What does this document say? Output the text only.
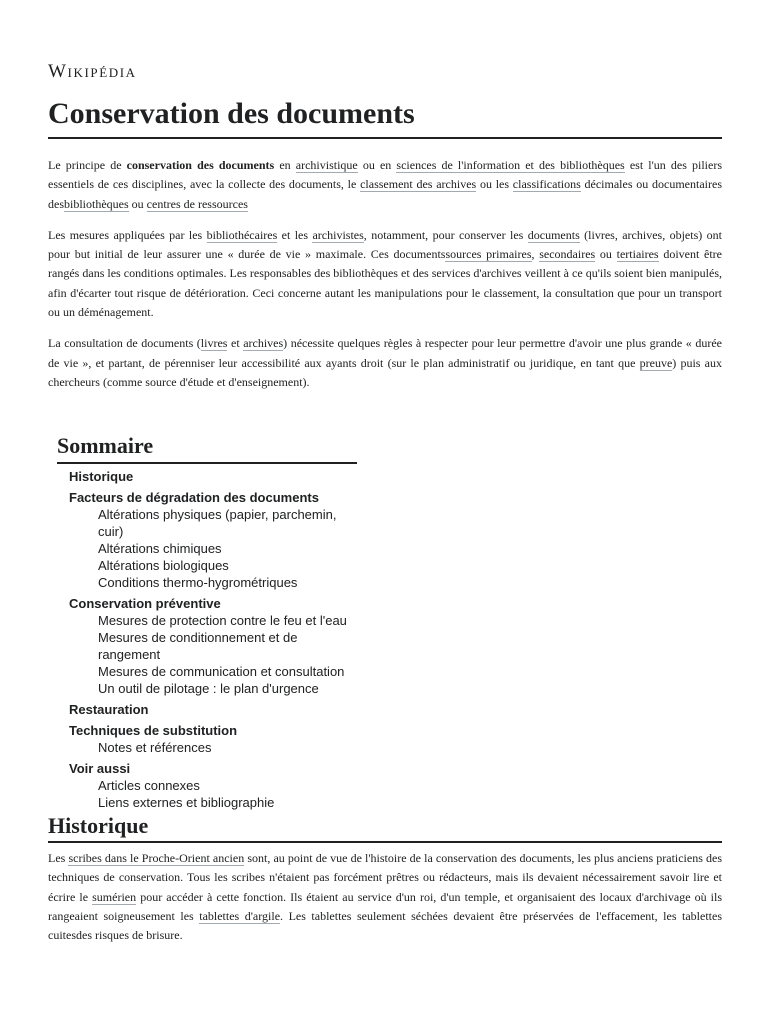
Wikipédia
Conservation des documents

Le principe de conservation des documents en archivistique ou en sciences de l'information et des bibliothèques est l'un des piliers essentiels de ces disciplines, avec la collecte des documents, le classement des archives ou les classifications décimales ou documentaires desbibliothèques ou centres de ressources

Les mesures appliquées par les bibliothécaires et les archivistes, notamment, pour conserver les documents (livres, archives, objets) ont pour but initial de leur assurer une « durée de vie » maximale. Ces documentssources primaires, secondaires ou tertiaires doivent être rangés dans les conditions optimales. Les responsables des bibliothèques et des services d'archives veillent à ce qu'ils soient bien manipulés, afin d'écarter tout risque de détérioration. Ceci concerne autant les manipulations pour le classement, la consultation que pour un transport ou un déménagement.

La consultation de documents (livres et archives) nécessite quelques règles à respecter pour leur permettre d'avoir une plus grande « durée de vie », et partant, de pérenniser leur accessibilité aux ayants droit (sur le plan administratif ou juridique, en tant que preuve) puis aux chercheurs (comme source d'étude et d'enseignement).

Sommaire
Historique
Facteurs de dégradation des documents
Altérations physiques (papier, parchemin, cuir)
Altérations chimiques
Altérations biologiques
Conditions thermo-hygrométriques
Conservation préventive
Mesures de protection contre le feu et l'eau
Mesures de conditionnement et de rangement
Mesures de communication et consultation
Un outil de pilotage : le plan d'urgence
Restauration
Techniques de substitution
Notes et références
Voir aussi
Articles connexes
Liens externes et bibliographie
Historique

Les scribes dans le Proche-Orient ancien sont, au point de vue de l'histoire de la conservation des documents, les plus anciens praticiens des techniques de conservation. Tous les scribes n'étaient pas forcément prêtres ou rédacteurs, mais ils devaient nécessairement savoir lire et écrire le sumérien pour accéder à cette fonction. Ils étaient au service d'un roi, d'un temple, et organisaient des locaux d'archivage où ils rangeaient soigneusement les tablettes d'argile. Les tablettes seulement séchées devaient être préservées de l'effacement, les tablettes cuitesdes risques de brisure.
